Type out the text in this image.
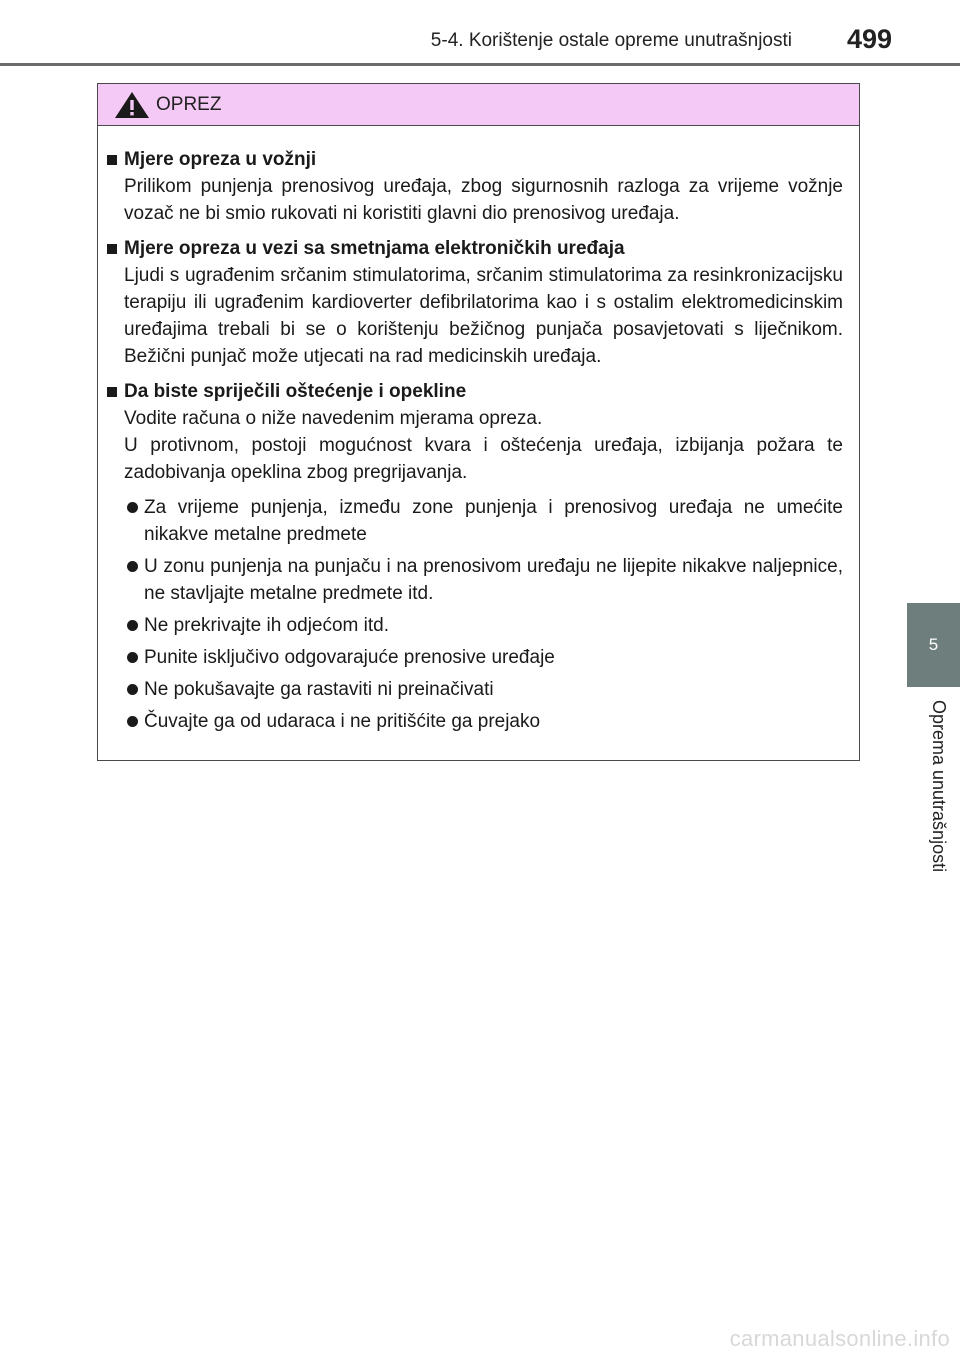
5-4. Korištenje ostale opreme unutrašnjosti 499
5
Oprema unutrašnjosti
OPREZ
Mjere opreza u vožnji
Prilikom punjenja prenosivog uređaja, zbog sigurnosnih razloga za vrijeme vožnje vozač ne bi smio rukovati ni koristiti glavni dio prenosivog uređaja.
Mjere opreza u vezi sa smetnjama elektroničkih uređaja
Ljudi s ugrađenim srčanim stimulatorima, srčanim stimulatorima za resinkronizacijsku terapiju ili ugrađenim kardioverter defibrilatorima kao i s ostalim elektromedicinskim uređajima trebali bi se o korištenju bežičnog punjača posavjetovati s liječnikom. Bežični punjač može utjecati na rad medicinskih uređaja.
Da biste spriječili oštećenje i opekline
Vodite računa o niže navedenim mjerama opreza.
U protivnom, postoji mogućnost kvara i oštećenja uređaja, izbijanja požara te zadobivanja opeklina zbog pregrijavanja.
Za vrijeme punjenja, između zone punjenja i prenosivog uređaja ne umećite nikakve metalne predmete
U zonu punjenja na punjaču i na prenosivom uređaju ne lijepite nikakve naljepnice, ne stavljajte metalne predmete itd.
Ne prekrivajte ih odjećom itd.
Punite isključivo odgovarajuće prenosive uređaje
Ne pokušavajte ga rastaviti ni preinačivati
Čuvajte ga od udaraca i ne pritišćite ga prejako
carmanualsonline.info
